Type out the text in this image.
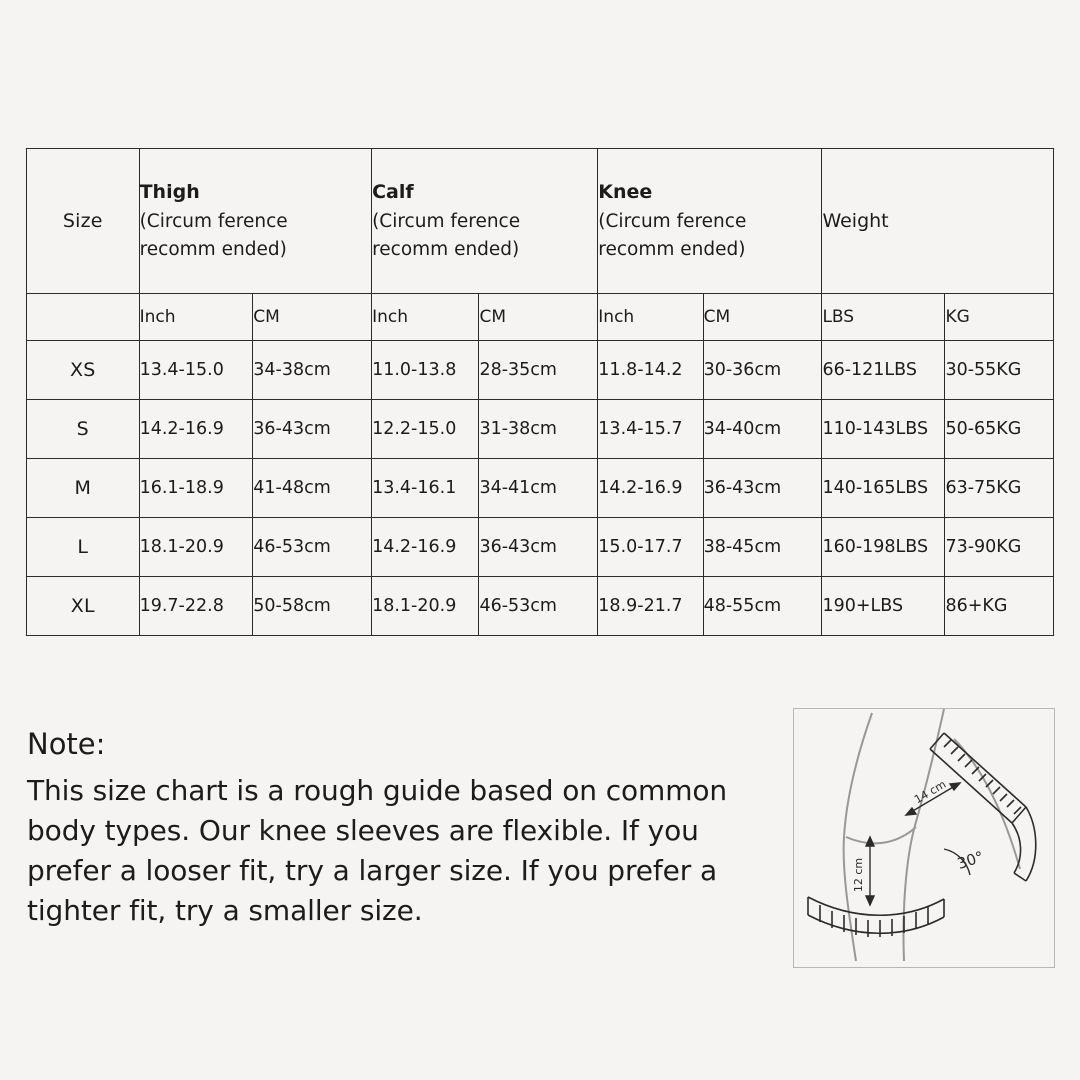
Size	Thigh
(Circum ference
recomm ended)		Calf
(Circum ference
recomm ended)		Knee
(Circum ference
recomm ended)		Weight	
	Inch	CM	Inch	CM	Inch	CM	LBS	KG
XS	13.4-15.0	34-38cm	11.0-13.8	28-35cm	11.8-14.2	30-36cm	66-121LBS	30-55KG
S	14.2-16.9	36-43cm	12.2-15.0	31-38cm	13.4-15.7	34-40cm	110-143LBS	50-65KG
M	16.1-18.9	41-48cm	13.4-16.1	34-41cm	14.2-16.9	36-43cm	140-165LBS	63-75KG
L	18.1-20.9	46-53cm	14.2-16.9	36-43cm	15.0-17.7	38-45cm	160-198LBS	73-90KG
XL	19.7-22.8	50-58cm	18.1-20.9	46-53cm	18.9-21.7	48-55cm	190+LBS	86+KG
Note:
This size chart is a rough guide based on common body types. Our knee sleeves are flexible. If you prefer a looser fit, try a larger size. If you prefer a tighter fit, try a smaller size.
14 cm
12 cm	30°
